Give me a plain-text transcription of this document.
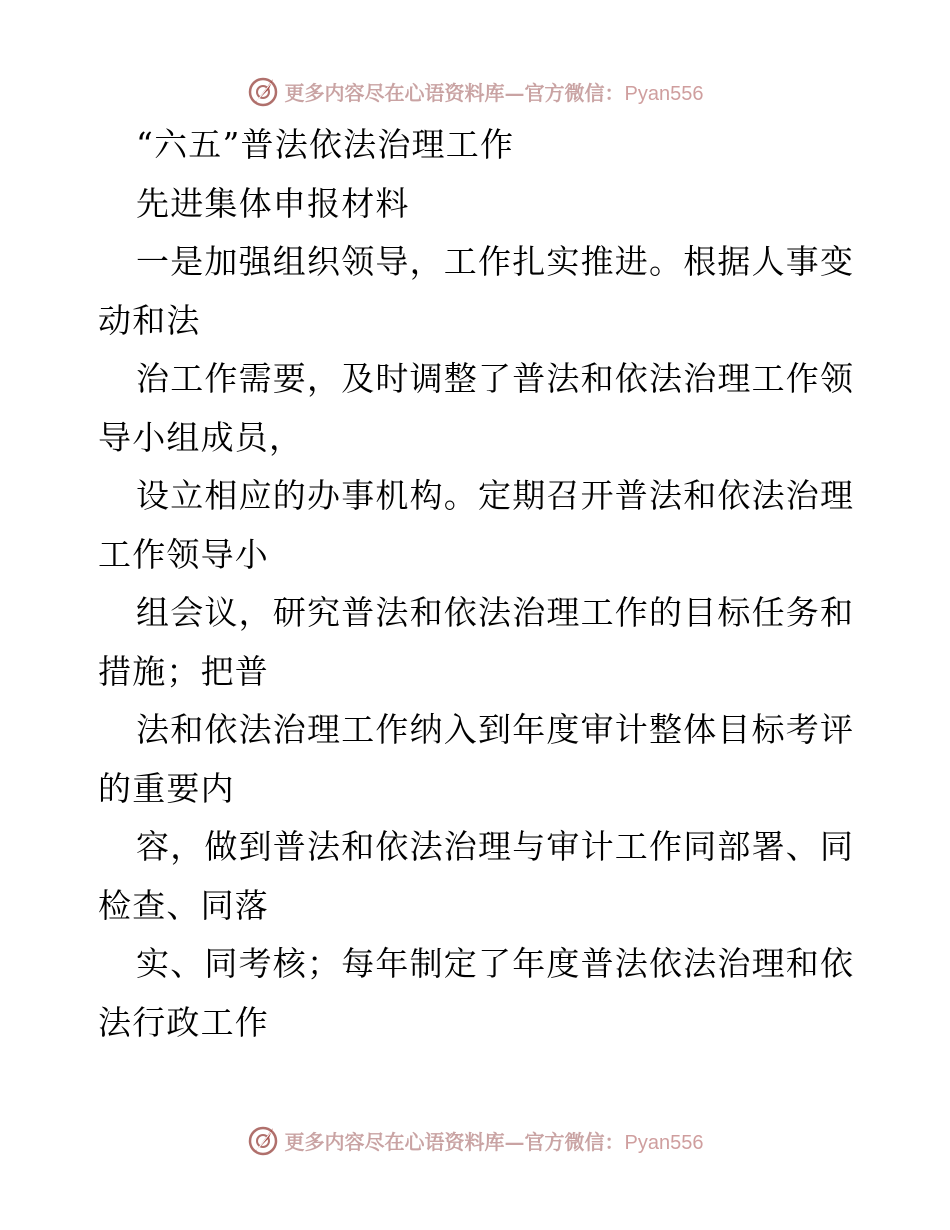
更多内容尽在心语资料库—官方微信：Pyan556
“六五”普法依法治理工作
先进集体申报材料
一是加强组织领导，工作扎实推进。根据人事变
动和法
治工作需要，及时调整了普法和依法治理工作领
导小组成员，
设立相应的办事机构。定期召开普法和依法治理
工作领导小
组会议，研究普法和依法治理工作的目标任务和
措施；把普
法和依法治理工作纳入到年度审计整体目标考评
的重要内
容，做到普法和依法治理与审计工作同部署、同
检查、同落
实、同考核；每年制定了年度普法依法治理和依
法行政工作
更多内容尽在心语资料库—官方微信：Pyan556
